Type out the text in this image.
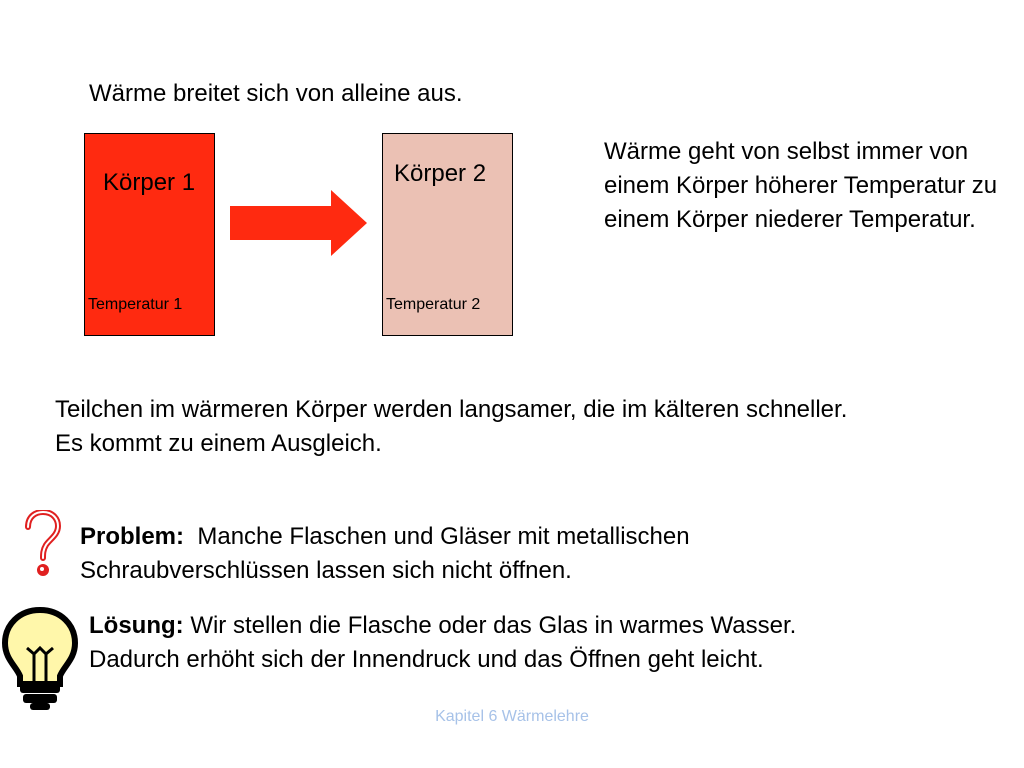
Wärme breitet sich von alleine aus.
Körper 1
Temperatur 1
Körper 2
Temperatur 2
Wärme geht von selbst immer von einem Körper höherer Temperatur zu einem Körper niederer Temperatur.
Teilchen im wärmeren Körper werden langsamer, die im kälteren schneller.
Es kommt zu einem Ausgleich.
Problem: Manche Flaschen und Gläser mit metallischen Schraubverschlüssen lassen sich nicht öffnen.
Lösung: Wir stellen die Flasche oder das Glas in warmes Wasser. Dadurch erhöht sich der Innendruck und das Öffnen geht leicht.
Kapitel 6 Wärmelehre
